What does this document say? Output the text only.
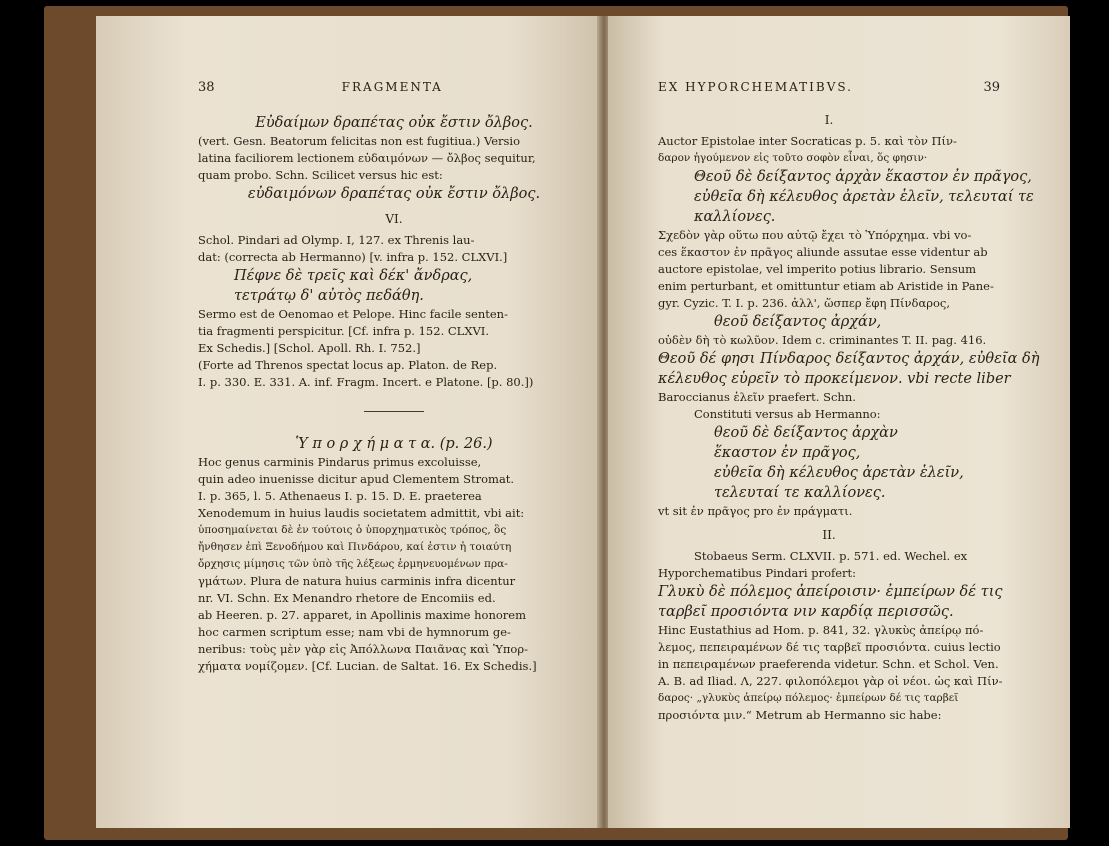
38	FRAGMENTA
Εὐδαίμων δραπέτας οὐκ ἔστιν ὄλβος.
(vert. Gesn. Beatorum felicitas non est fugitiua.) Versio
latina faciliorem lectionem εὐδαιμόνων — ὄλβος sequitur,
quam probo. Schn. Scilicet versus hic est:
εὐδαιμόνων δραπέτας οὐκ ἔστιν ὄλβος.
VI.
Schol. Pindari ad Olymp. I, 127. ex Threnis lau-
dat: (correcta ab Hermanno) [v. infra p. 152. CLXVI.]
Πέφνε δὲ τρεῖς καὶ δέκ' ἄνδρας,
τετράτῳ δ' αὐτὸς πεδάθη.
Sermo est de Oenomao et Pelope. Hinc facile senten-
tia fragmenti perspicitur. [Cf. infra p. 152. CLXVI.
Ex Schedis.] [Schol. Apoll. Rh. I. 752.]
(Forte ad Threnos spectat locus ap. Platon. de Rep.
I. p. 330. E. 331. A. inf. Fragm. Incert. e Platone. [p. 80.])
Ὑ π ο ρ χ ή μ α τ α. (p. 26.)
Hoc genus carminis Pindarus primus excoluisse,
quin adeo inuenisse dicitur apud Clementem Stromat.
I. p. 365, l. 5. Athenaeus I. p. 15. D. E. praeterea
Xenodemum in huius laudis societatem admittit, vbi ait:
ὑποσημαίνεται δὲ ἐν τούτοις ὁ ὑπορχηματικὸς τρόπος, ὃς
ἤνθησεν ἐπὶ Ξενοδήμου καὶ Πινδάρου, καί ἐστιν ἡ τοιαύτη
ὄρχησις μίμησις τῶν ὑπὸ τῆς λέξεως ἑρμηνευομένων πρα-
γμάτων. Plura de natura huius carminis infra dicentur
nr. VI. Schn. Ex Menandro rhetore de Encomiis ed.
ab Heeren. p. 27. apparet, in Apollinis maxime honorem
hoc carmen scriptum esse; nam vbi de hymnorum ge-
neribus: τοὺς μὲν γὰρ εἰς Ἀπόλλωνα Παιᾶνας καὶ Ὑπορ-
χήματα νομίζομεν. [Cf. Lucian. de Saltat. 16. Ex Schedis.]
EX HYPORCHEMATIBVS.	39
I.
Auctor Epistolae inter Socraticas p. 5. καὶ τὸν Πίν-
δαρον ἡγούμενον εἰς τοῦτο σοφὸν εἶναι, ὅς φησιν·
Θεοῦ δὲ δείξαντος ἀρχὰν ἕκαστον ἐν πρᾶγος,
εὐθεῖα δὴ κέλευθος ἀρετὰν ἑλεῖν, τελευταί τε
καλλίονες.
Σχεδὸν γὰρ οὕτω που αὐτῷ ἔχει τὸ Ὑπόρχημα. vbi vo-
ces ἕκαστον ἐν πρᾶγος aliunde assutae esse videntur ab
auctore epistolae, vel imperito potius librario. Sensum
enim perturbant, et omittuntur etiam ab Aristide in Pane-
gyr. Cyzic. T. I. p. 236. ἀλλ', ὥσπερ ἔφη Πίνδαρος,
θεοῦ δείξαντος ἀρχάν,
οὐδὲν δὴ τὸ κωλῦον. Idem c. criminantes T. II. pag. 416.
Θεοῦ δέ φησι Πίνδαρος δείξαντος ἀρχάν, εὐθεῖα δὴ
κέλευθος εὑρεῖν τὸ προκείμενον. vbi recte liber
Baroccianus ἑλεῖν praefert. Schn.
Constituti versus ab Hermanno:
θεοῦ δὲ δείξαντος ἀρχὰν
ἕκαστον ἐν πρᾶγος,
εὐθεῖα δὴ κέλευθος ἀρετὰν ἑλεῖν,
τελευταί τε καλλίονες.
vt sit ἐν πρᾶγος pro ἐν πράγματι.
II.
Stobaeus Serm. CLXVII. p. 571. ed. Wechel. ex
Hyporchematibus Pindari profert:
Γλυκὺ δὲ πόλεμος ἀπείροισιν· ἐμπείρων δέ τις
ταρβεῖ προσιόντα νιν καρδίᾳ περισσῶς.
Hinc Eustathius ad Hom. p. 841, 32. γλυκὺς ἀπείρῳ πό-
λεμος, πεπειραμένων δέ τις ταρβεῖ προσιόντα. cuius lectio
in πεπειραμένων praeferenda videtur. Schn. et Schol. Ven.
A. B. ad Iliad. Λ, 227. φιλοπόλεμοι γὰρ οἱ νέοι. ὡς καὶ Πίν-
δαρος· „γλυκὺς ἀπείρῳ πόλεμος· ἐμπείρων δέ τις ταρβεῖ
προσιόντα μιν.“ Metrum ab Hermanno sic habe:
